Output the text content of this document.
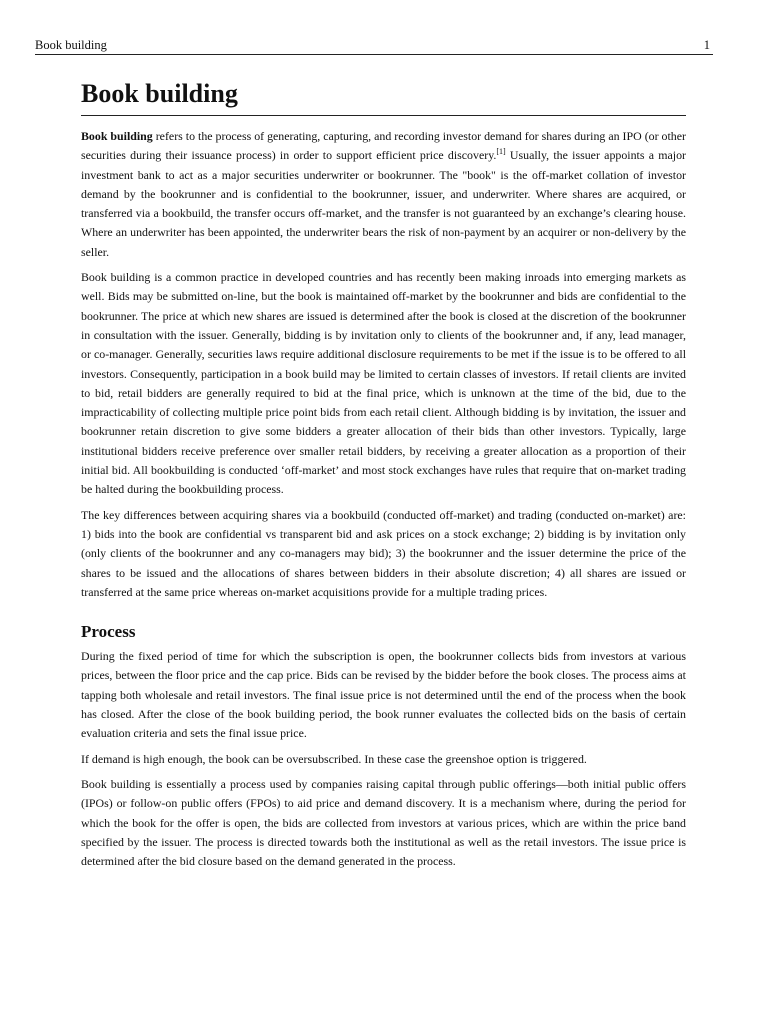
Book building	1
Book building

Book building refers to the process of generating, capturing, and recording investor demand for shares during an IPO (or other securities during their issuance process) in order to support efficient price discovery.[1] Usually, the issuer appoints a major investment bank to act as a major securities underwriter or bookrunner. The "book" is the off-market collation of investor demand by the bookrunner and is confidential to the bookrunner, issuer, and underwriter. Where shares are acquired, or transferred via a bookbuild, the transfer occurs off-market, and the transfer is not guaranteed by an exchange’s clearing house. Where an underwriter has been appointed, the underwriter bears the risk of non-payment by an acquirer or non-delivery by the seller.

Book building is a common practice in developed countries and has recently been making inroads into emerging markets as well. Bids may be submitted on-line, but the book is maintained off-market by the bookrunner and bids are confidential to the bookrunner. The price at which new shares are issued is determined after the book is closed at the discretion of the bookrunner in consultation with the issuer. Generally, bidding is by invitation only to clients of the bookrunner and, if any, lead manager, or co-manager. Generally, securities laws require additional disclosure requirements to be met if the issue is to be offered to all investors. Consequently, participation in a book build may be limited to certain classes of investors. If retail clients are invited to bid, retail bidders are generally required to bid at the final price, which is unknown at the time of the bid, due to the impracticability of collecting multiple price point bids from each retail client. Although bidding is by invitation, the issuer and bookrunner retain discretion to give some bidders a greater allocation of their bids than other investors. Typically, large institutional bidders receive preference over smaller retail bidders, by receiving a greater allocation as a proportion of their initial bid. All bookbuilding is conducted ‘off-market’ and most stock exchanges have rules that require that on-market trading be halted during the bookbuilding process.

The key differences between acquiring shares via a bookbuild (conducted off-market) and trading (conducted on-market) are: 1) bids into the book are confidential vs transparent bid and ask prices on a stock exchange; 2) bidding is by invitation only (only clients of the bookrunner and any co-managers may bid); 3) the bookrunner and the issuer determine the price of the shares to be issued and the allocations of shares between bidders in their absolute discretion; 4) all shares are issued or transferred at the same price whereas on-market acquisitions provide for a multiple trading prices.

Process

During the fixed period of time for which the subscription is open, the bookrunner collects bids from investors at various prices, between the floor price and the cap price. Bids can be revised by the bidder before the book closes. The process aims at tapping both wholesale and retail investors. The final issue price is not determined until the end of the process when the book has closed. After the close of the book building period, the book runner evaluates the collected bids on the basis of certain evaluation criteria and sets the final issue price.

If demand is high enough, the book can be oversubscribed. In these case the greenshoe option is triggered.

Book building is essentially a process used by companies raising capital through public offerings—both initial public offers (IPOs) or follow-on public offers (FPOs) to aid price and demand discovery. It is a mechanism where, during the period for which the book for the offer is open, the bids are collected from investors at various prices, which are within the price band specified by the issuer. The process is directed towards both the institutional as well as the retail investors. The issue price is determined after the bid closure based on the demand generated in the process.
